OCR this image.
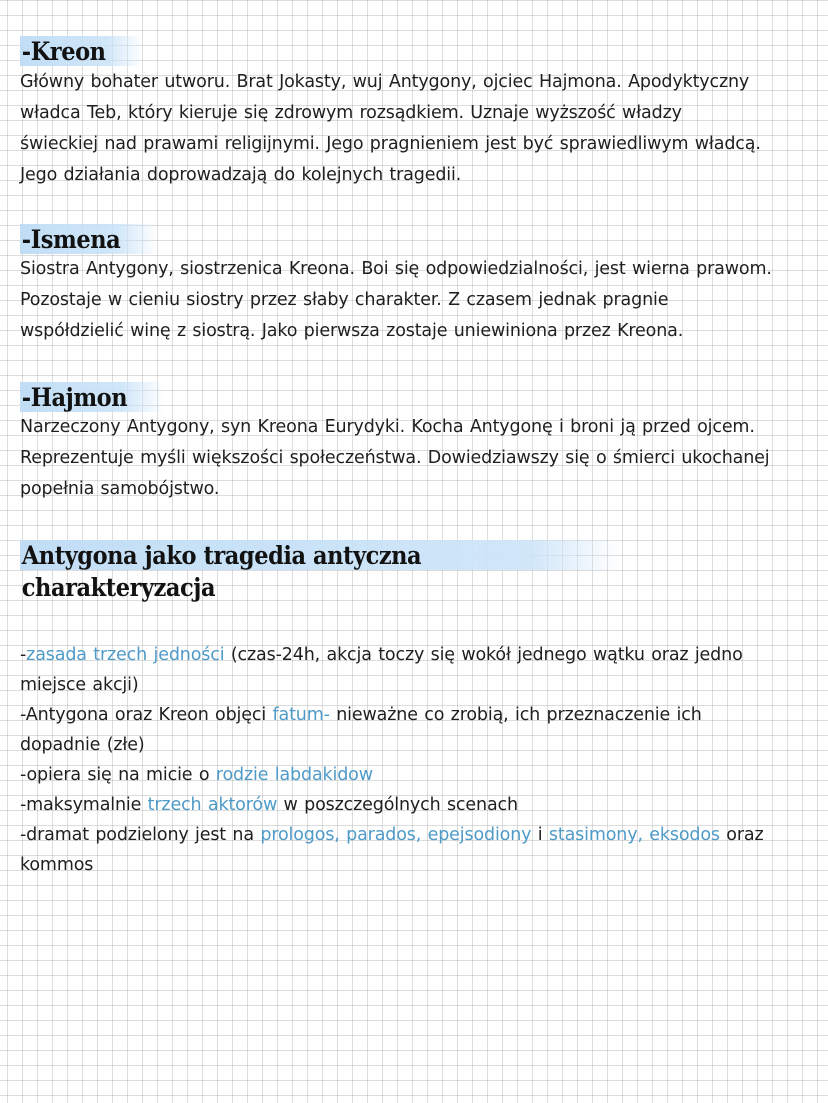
-Kreon

Główny bohater utworu. Brat Jokasty, wuj Antygony, ojciec Hajmona. Apodyktyczny
władca Teb, który kieruje się zdrowym rozsądkiem. Uznaje wyższość władzy
świeckiej nad prawami religijnymi. Jego pragnieniem jest być sprawiedliwym władcą.
Jego działania doprowadzają do kolejnych tragedii.

-Ismena

Siostra Antygony, siostrzenica Kreona. Boi się odpowiedzialności, jest wierna prawom.
Pozostaje w cieniu siostry przez słaby charakter. Z czasem jednak pragnie
współdzielić winę z siostrą. Jako pierwsza zostaje uniewiniona przez Kreona.

-Hajmon

Narzeczony Antygony, syn Kreona Eurydyki. Kocha Antygonę i broni ją przed ojcem.
Reprezentuje myśli większości społeczeństwa. Dowiedziawszy się o śmierci ukochanej
popełnia samobójstwo.

Antygona jako tragedia antyczna charakteryzacja
-zasada trzech jedności (czas-24h, akcja toczy się wokół jednego wątku oraz jedno
miejsce akcji)
-Antygona oraz Kreon objęci fatum- nieważne co zrobią, ich przeznaczenie ich
dopadnie (złe)
-opiera się na micie o rodzie labdakidow
-maksymalnie trzech aktorów w poszczególnych scenach
-dramat podzielony jest na prologos, parados, epejsodiony i stasimony, eksodos oraz
kommos
